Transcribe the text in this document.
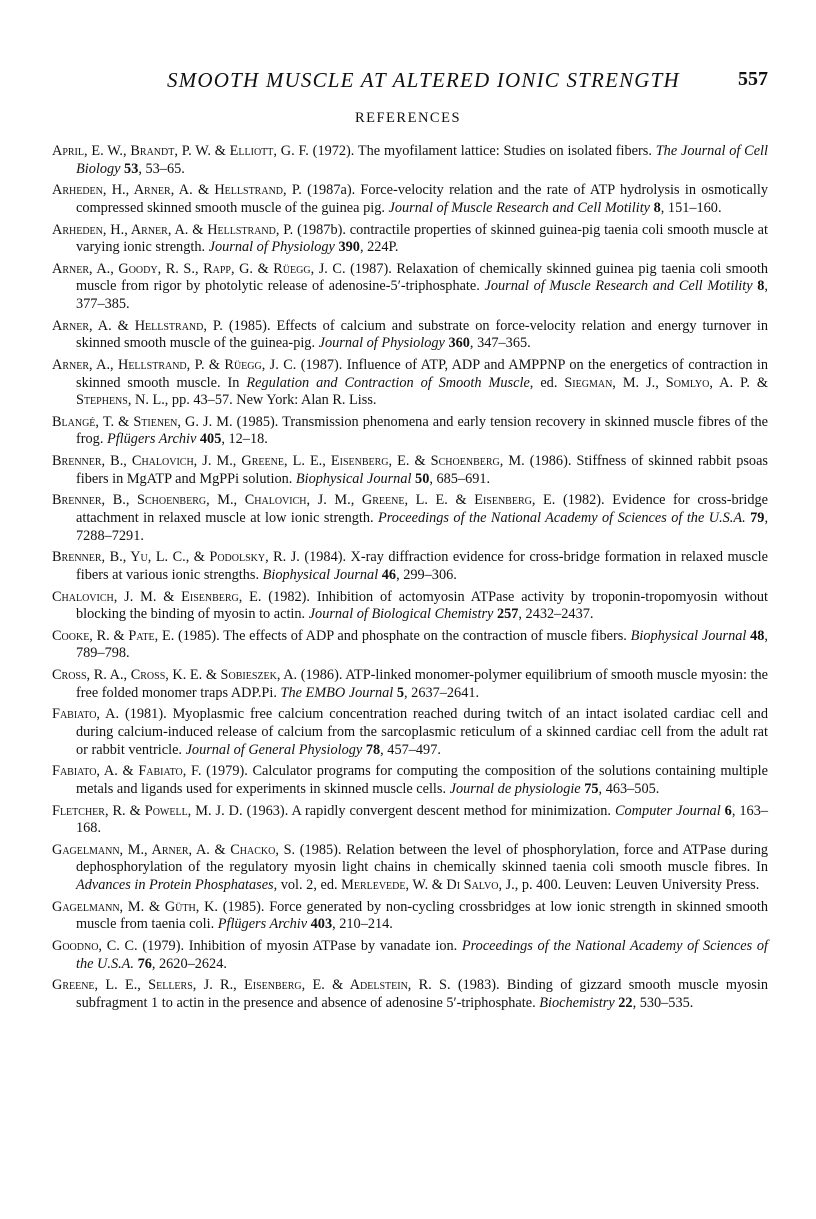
SMOOTH MUSCLE AT ALTERED IONIC STRENGTH	557
REFERENCES

April, E. W., Brandt, P. W. & Elliott, G. F. (1972). The myofilament lattice: Studies on isolated fibers. The Journal of Cell Biology 53, 53–65.

Arheden, H., Arner, A. & Hellstrand, P. (1987a). Force-velocity relation and the rate of ATP hydrolysis in osmotically compressed skinned smooth muscle of the guinea pig. Journal of Muscle Research and Cell Motility 8, 151–160.

Arheden, H., Arner, A. & Hellstrand, P. (1987b). contractile properties of skinned guinea-pig taenia coli smooth muscle at varying ionic strength. Journal of Physiology 390, 224P.

Arner, A., Goody, R. S., Rapp, G. & Rüegg, J. C. (1987). Relaxation of chemically skinned guinea pig taenia coli smooth muscle from rigor by photolytic release of adenosine-5′-triphosphate. Journal of Muscle Research and Cell Motility 8, 377–385.

Arner, A. & Hellstrand, P. (1985). Effects of calcium and substrate on force-velocity relation and energy turnover in skinned smooth muscle of the guinea-pig. Journal of Physiology 360, 347–365.

Arner, A., Hellstrand, P. & Rüegg, J. C. (1987). Influence of ATP, ADP and AMPPNP on the energetics of contraction in skinned smooth muscle. In Regulation and Contraction of Smooth Muscle, ed. Siegman, M. J., Somlyo, A. P. & Stephens, N. L., pp. 43–57. New York: Alan R. Liss.

Blangé, T. & Stienen, G. J. M. (1985). Transmission phenomena and early tension recovery in skinned muscle fibres of the frog. Pflügers Archiv 405, 12–18.

Brenner, B., Chalovich, J. M., Greene, L. E., Eisenberg, E. & Schoenberg, M. (1986). Stiffness of skinned rabbit psoas fibers in MgATP and MgPPi solution. Biophysical Journal 50, 685–691.

Brenner, B., Schoenberg, M., Chalovich, J. M., Greene, L. E. & Eisenberg, E. (1982). Evidence for cross-bridge attachment in relaxed muscle at low ionic strength. Proceedings of the National Academy of Sciences of the U.S.A. 79, 7288–7291.

Brenner, B., Yu, L. C., & Podolsky, R. J. (1984). X-ray diffraction evidence for cross-bridge formation in relaxed muscle fibers at various ionic strengths. Biophysical Journal 46, 299–306.

Chalovich, J. M. & Eisenberg, E. (1982). Inhibition of actomyosin ATPase activity by troponin-tropomyosin without blocking the binding of myosin to actin. Journal of Biological Chemistry 257, 2432–2437.

Cooke, R. & Pate, E. (1985). The effects of ADP and phosphate on the contraction of muscle fibers. Biophysical Journal 48, 789–798.

Cross, R. A., Cross, K. E. & Sobieszek, A. (1986). ATP-linked monomer-polymer equilibrium of smooth muscle myosin: the free folded monomer traps ADP.Pi. The EMBO Journal 5, 2637–2641.

Fabiato, A. (1981). Myoplasmic free calcium concentration reached during twitch of an intact isolated cardiac cell and during calcium-induced release of calcium from the sarcoplasmic reticulum of a skinned cardiac cell from the adult rat or rabbit ventricle. Journal of General Physiology 78, 457–497.

Fabiato, A. & Fabiato, F. (1979). Calculator programs for computing the composition of the solutions containing multiple metals and ligands used for experiments in skinned muscle cells. Journal de physiologie 75, 463–505.

Fletcher, R. & Powell, M. J. D. (1963). A rapidly convergent descent method for minimization. Computer Journal 6, 163–168.

Gagelmann, M., Arner, A. & Chacko, S. (1985). Relation between the level of phosphorylation, force and ATPase during dephosphorylation of the regulatory myosin light chains in chemically skinned taenia coli smooth muscle fibres. In Advances in Protein Phosphatases, vol. 2, ed. Merlevede, W. & Di Salvo, J., p. 400. Leuven: Leuven University Press.

Gagelmann, M. & Güth, K. (1985). Force generated by non-cycling crossbridges at low ionic strength in skinned smooth muscle from taenia coli. Pflügers Archiv 403, 210–214.

Goodno, C. C. (1979). Inhibition of myosin ATPase by vanadate ion. Proceedings of the National Academy of Sciences of the U.S.A. 76, 2620–2624.

Greene, L. E., Sellers, J. R., Eisenberg, E. & Adelstein, R. S. (1983). Binding of gizzard smooth muscle myosin subfragment 1 to actin in the presence and absence of adenosine 5′-triphosphate. Biochemistry 22, 530–535.
